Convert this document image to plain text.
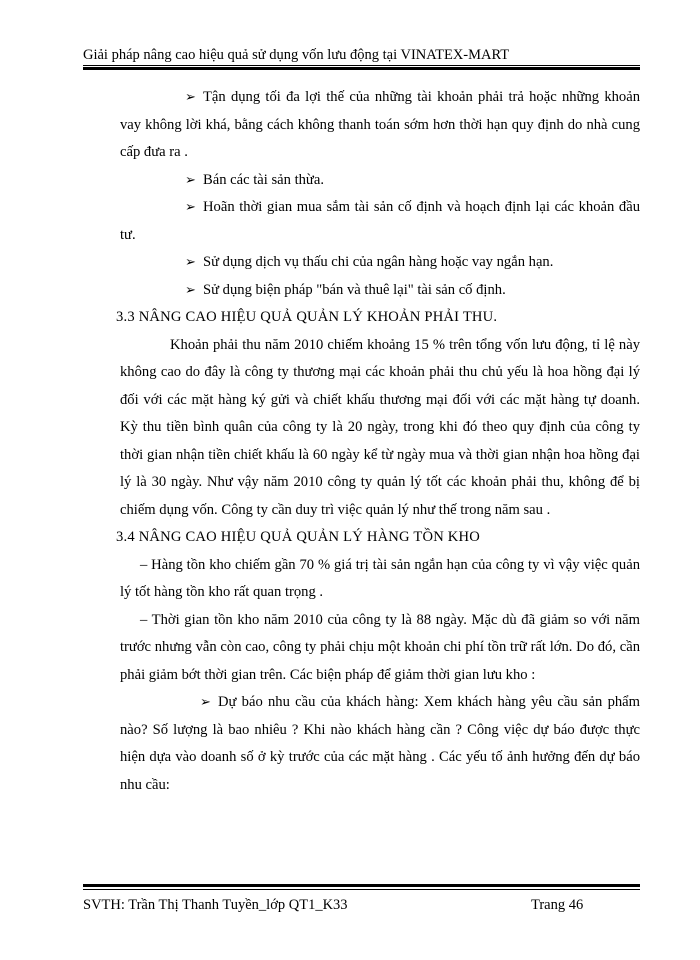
Giải pháp nâng cao hiệu quả sử dụng vốn lưu động tại VINATEX-MART

➢ Tận dụng tối đa lợi thế của những tài khoản phải trả hoặc những khoản vay không lời khá, bằng cách không thanh toán sớm hơn thời hạn quy định do nhà cung cấp đưa ra .

➢ Bán các tài sản thừa.

➢ Hoãn thời gian mua sắm tài sản cố định và hoạch định lại các khoản đầu tư.

➢ Sử dụng dịch vụ thấu chi của ngân hàng hoặc vay ngắn hạn.

➢ Sử dụng biện pháp "bán và thuê lại" tài sản cố định.

3.3 NÂNG CAO HIỆU QUẢ QUẢN LÝ KHOẢN PHẢI THU.

Khoản phải thu năm 2010 chiếm khoảng 15 % trên tổng vốn lưu động, tỉ lệ này không cao do đây là công ty thương mại các khoản phải thu chủ yếu là hoa hồng đại lý đối với các mặt hàng ký gửi và chiết khấu thương mại đối với các mặt hàng tự doanh. Kỳ thu tiền bình quân của công ty là 20 ngày, trong khi đó theo quy định của công ty thời gian nhận tiền chiết khấu là 60 ngày kể từ ngày mua và thời gian nhận hoa hồng đại lý là 30 ngày. Như vậy năm 2010 công ty quản lý tốt các khoản phải thu, không để bị chiếm dụng vốn. Công ty cần duy trì việc quản lý như thế trong năm sau .

3.4 NÂNG CAO HIỆU QUẢ QUẢN LÝ HÀNG TỒN KHO

– Hàng tồn kho chiếm gần 70 % giá trị tài sản ngắn hạn của công ty vì vậy việc quản lý tốt hàng tồn kho rất quan trọng .

– Thời gian tồn kho năm 2010 của công ty là 88 ngày. Mặc dù đã giảm so với năm trước nhưng vẫn còn cao, công ty phải chịu một khoản chi phí tồn trữ rất lớn. Do đó, cần phải giảm bớt thời gian trên. Các biện pháp để giảm thời gian lưu kho :

➢ Dự báo nhu cầu của khách hàng: Xem khách hàng yêu cầu sản phẩm nào? Số lượng là bao nhiêu ? Khi nào khách hàng cần ? Công việc dự báo được thực hiện dựa vào doanh số ở kỳ trước của các mặt hàng . Các yếu tố ảnh hưởng đến dự báo nhu cầu:

SVTH: Trần Thị Thanh Tuyền_lớp QT1_K33	Trang 46
